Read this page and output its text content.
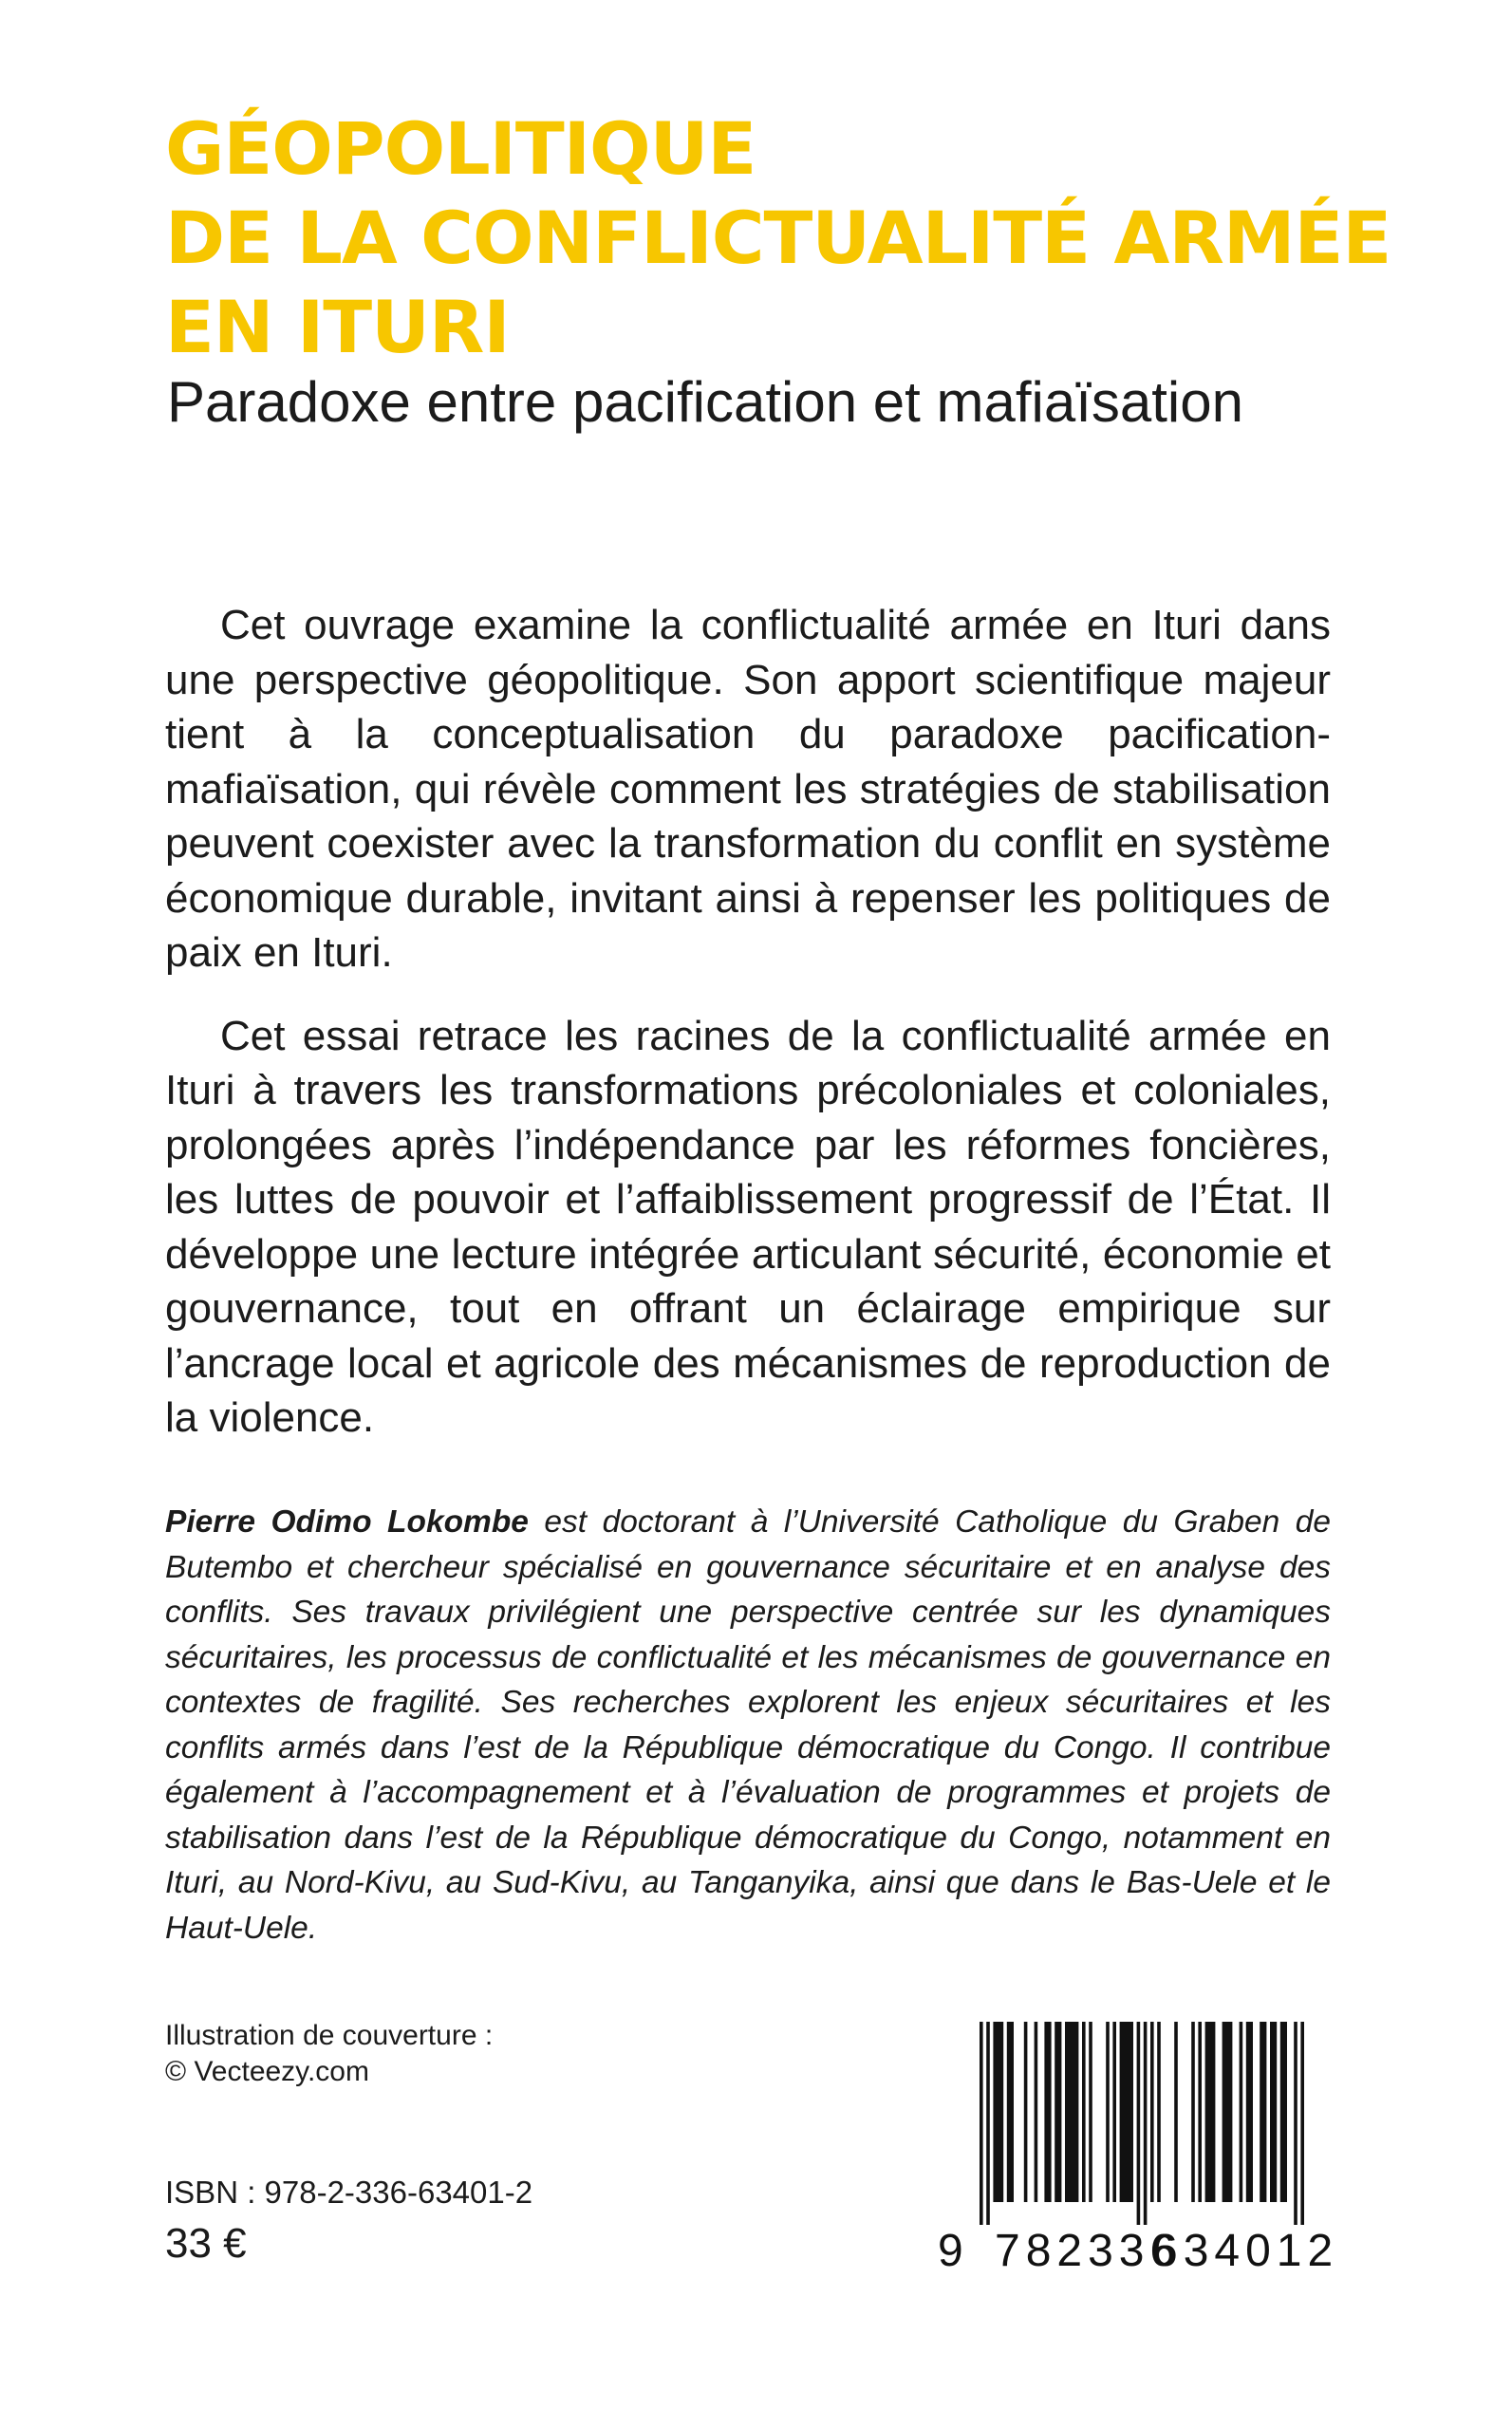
GÉOPOLITIQUE
DE LA CONFLICTUALITÉ ARMÉE
EN ITURI
Paradoxe entre pacification et mafiaïsation

Cet ouvrage examine la conflictualité armée en Ituri dans une perspective géopolitique. Son apport scientifique majeur tient à la conceptualisation du paradoxe pacification-mafiaïsation, qui révèle comment les stratégies de stabilisation peuvent coexister avec la transformation du conflit en système économique durable, invitant ainsi à repenser les politiques de paix en Ituri.

Cet essai retrace les racines de la conflictualité armée en Ituri à travers les transformations précoloniales et coloniales, prolongées après l’indépendance par les réformes foncières, les luttes de pouvoir et l’affaiblissement progressif de l’État. Il développe une lecture intégrée articulant sécurité, économie et gouvernance, tout en offrant un éclairage empirique sur l’ancrage local et agricole des mécanismes de reproduction de la violence.

Pierre Odimo Lokombe est doctorant à l’Université Catholique du Graben de Butembo et chercheur spécialisé en gouvernance sécuritaire et en analyse des conflits. Ses travaux privilégient une perspective centrée sur les dynamiques sécuritaires, les processus de conflictualité et les mécanismes de gouvernance en contextes de fragilité. Ses recherches explorent les enjeux sécuritaires et les conflits armés dans l’est de la République démocratique du Congo. Il contribue également à l’accompagnement et à l’évaluation de programmes et projets de stabilisation dans l’est de la République démocratique du Congo, notamment en Ituri, au Nord-Kivu, au Sud-Kivu, au Tanganyika, ainsi que dans le Bas-Uele et le Haut-Uele.

Illustration de couverture :
© Vecteezy.com
ISBN : 978-2-336-63401-2
33 €	9 782336
634012
